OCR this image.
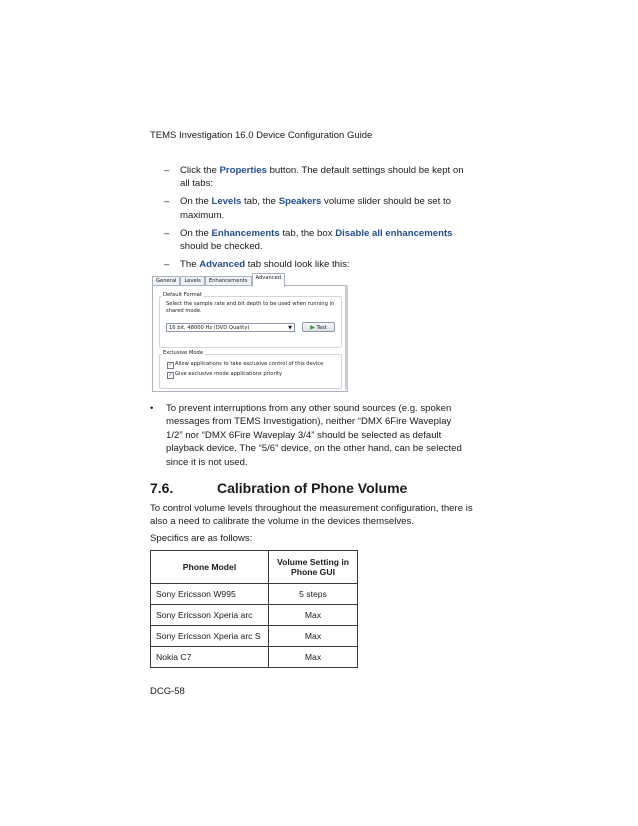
TEMS Investigation 16.0 Device Configuration Guide
– Click the Properties button. The default settings should be kept on all tabs:
– On the Levels tab, the Speakers volume slider should be set to maximum.
– On the Enhancements tab, the box Disable all enhancements should be checked.
– The Advanced tab should look like this:
General	Levels	Enhancements	Advanced
Default Format
Select the sample rate and bit depth to be used when running in shared mode.
16 bit, 48000 Hz (DVD Quality)	▼	▶ Test
Exclusive Mode
✓ Allow applications to take exclusive control of this device
✓ Give exclusive mode applications priority
•	To prevent interruptions from any other sound sources (e.g. spoken messages from TEMS Investigation), neither “DMX 6Fire Waveplay 1/2” nor “DMX 6Fire Waveplay 3/4” should be selected as default playback device. The “5/6” device, on the other hand, can be selected since it is not used.
7.6.	Calibration of Phone Volume
To control volume levels throughout the measurement configuration, there is also a need to calibrate the volume in the devices themselves.
Specifics are as follows:
Phone Model	Volume Setting in Phone GUI
Sony Ericsson W995	5 steps
Sony Ericsson Xperia arc	Max
Sony Ericsson Xperia arc S	Max
Nokia C7	Max
DCG-58
